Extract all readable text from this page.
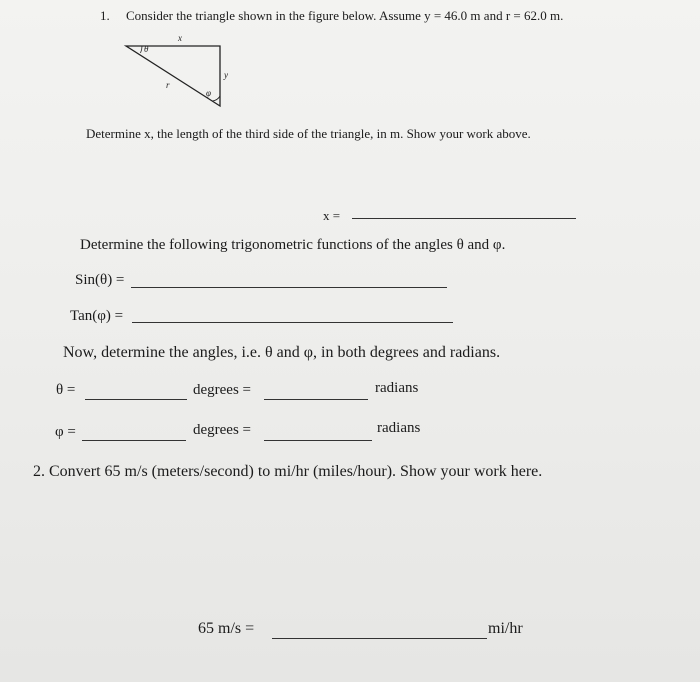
1. Consider the triangle shown in the figure below. Assume y = 46.0 m and r = 62.0 m.
x
y
r
θ
φ
Determine x, the length of the third side of the triangle, in m. Show your work above.
x =
Determine the following trigonometric functions of the angles θ and φ.
Sin(θ) =
Tan(φ) =
Now, determine the angles, i.e. θ and φ, in both degrees and radians.
θ =	degrees =	radians
φ =	degrees =	radians
2. Convert 65 m/s (meters/second) to mi/hr (miles/hour). Show your work here.
65 m/s =	mi/hr
